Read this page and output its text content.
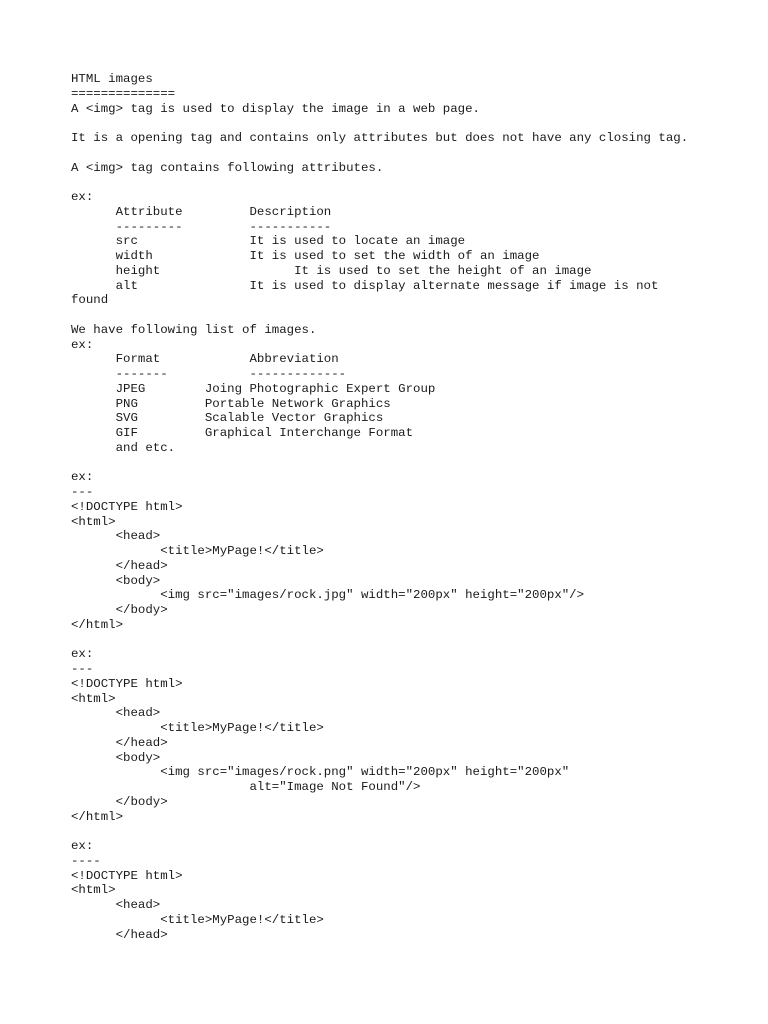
HTML images
==============
A <img> tag is used to display the image in a web page.
It is a opening tag and contains only attributes but does not have any closing tag.
A <img> tag contains following attributes.
ex:
Attribute         Description
---------         -----------
src               It is used to locate an image
width             It is used to set the width of an image
height                  It is used to set the height of an image
alt               It is used to display alternate message if image is not
found
We have following list of images.
ex:
Format            Abbreviation
-------           -------------
JPEG        Joing Photographic Expert Group
PNG         Portable Network Graphics
SVG         Scalable Vector Graphics
GIF         Graphical Interchange Format
and etc.
ex:
---
<!DOCTYPE html>
<html>
<head>
<title>MyPage!</title>
</head>
<body>
<img src="images/rock.jpg" width="200px" height="200px"/>
</body>
</html>
ex:
---
<!DOCTYPE html>
<html>
<head>
<title>MyPage!</title>
</head>
<body>
<img src="images/rock.png" width="200px" height="200px"
alt="Image Not Found"/>
</body>
</html>
ex:
----
<!DOCTYPE html>
<html>
<head>
<title>MyPage!</title>
</head>
